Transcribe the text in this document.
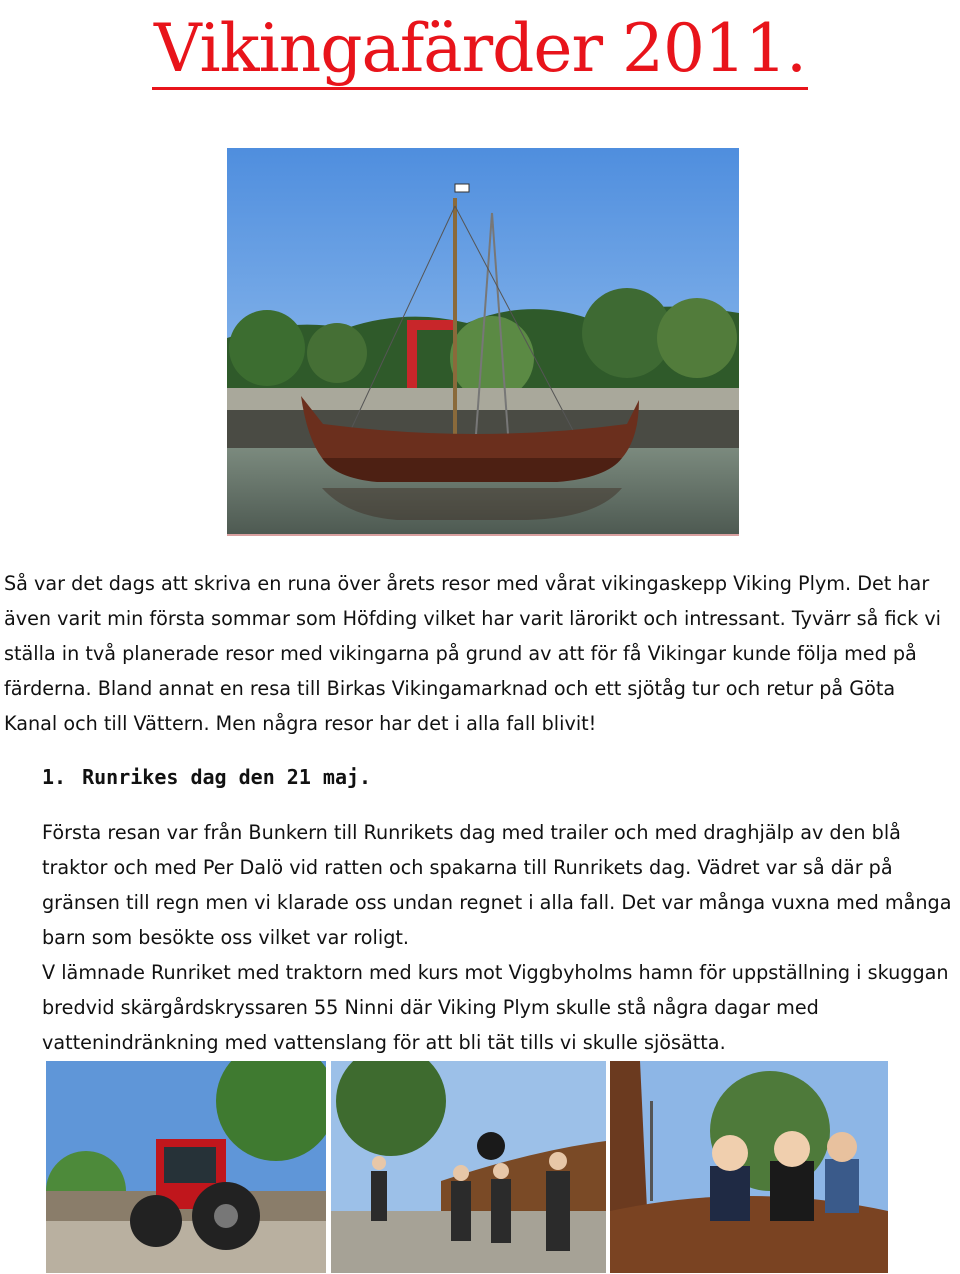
Vikingafärder 2011.

Så var det dags att skriva en runa över årets resor med vårat vikingaskepp Viking Plym. Det har även varit min första sommar som Höfding vilket har varit lärorikt och intressant. Tyvärr så fick vi ställa in två planerade resor med vikingarna på grund av att för få Vikingar kunde följa med på färderna. Bland annat en resa till Birkas Vikingamarknad och ett sjötåg tur och retur på Göta Kanal och till Vättern. Men några resor har det i alla fall blivit!

1. Runrikes dag den 21 maj.

Första resan var från Bunkern till Runrikets dag med trailer och med draghjälp av den blå traktor och med Per Dalö vid ratten och spakarna till Runrikets dag. Vädret var så där på gränsen till regn men vi klarade oss undan regnet i alla fall. Det var många vuxna med många barn som besökte oss vilket var roligt.

V lämnade Runriket med traktorn med kurs mot Viggbyholms hamn för uppställning i skuggan bredvid skärgårdskryssaren 55 Ninni där Viking Plym skulle stå några dagar med vattenindränkning med vattenslang för att bli tät tills vi skulle sjösätta.
